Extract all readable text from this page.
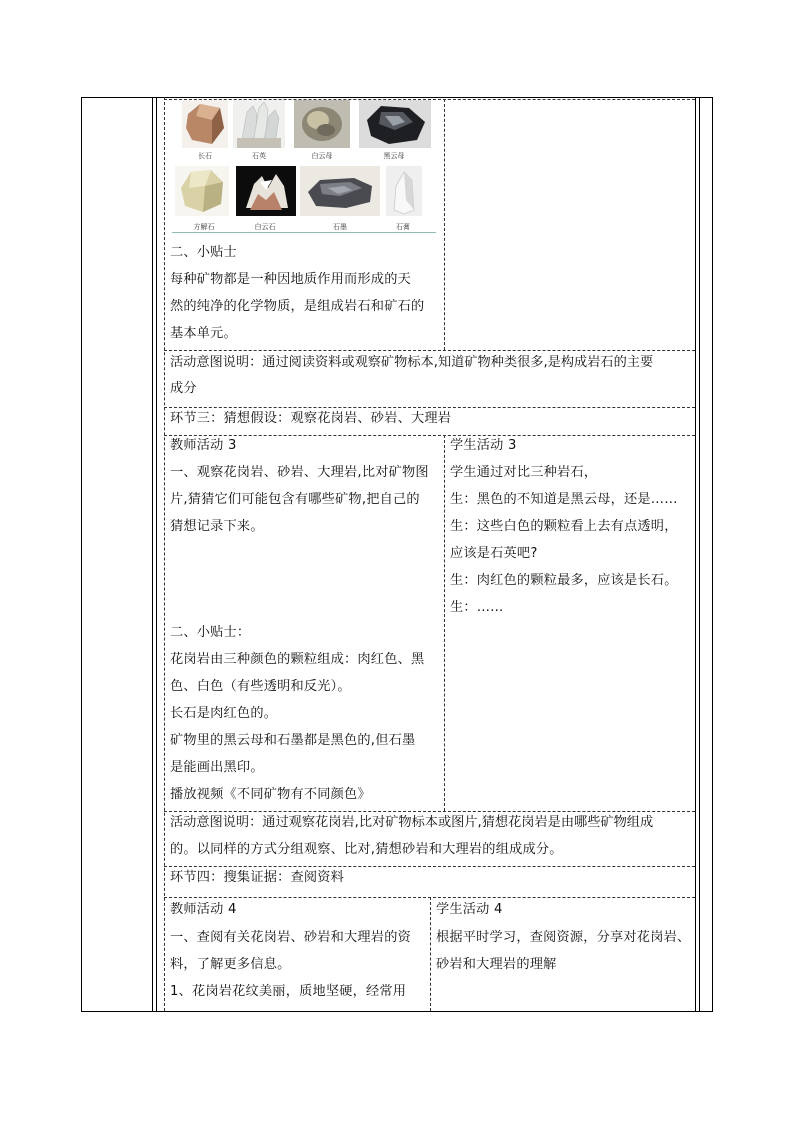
长石	石英	白云母	黑云母
方解石	白云石	石墨	石膏
二、小贴士
每种矿物都是一种因地质作用而形成的天
然的纯净的化学物质，是组成岩石和矿石的
基本单元。
活动意图说明：通过阅读资料或观察矿物标本,知道矿物种类很多,是构成岩石的主要
成分
环节三：猜想假设：观察花岗岩、砂岩、大理岩
教师活动 3
一、观察花岗岩、砂岩、大理岩,比对矿物图
片,猜猜它们可能包含有哪些矿物,把自己的
猜想记录下来。
二、小贴士：
花岗岩由三种颜色的颗粒组成：肉红色、黑
色、白色（有些透明和反光）。
长石是肉红色的。
矿物里的黑云母和石墨都是黑色的,但石墨
是能画出黑印。
播放视频《不同矿物有不同颜色》
学生活动 3
学生通过对比三种岩石，
生：黑色的不知道是黑云母，还是……
生：这些白色的颗粒看上去有点透明，
应该是石英吧?
生：肉红色的颗粒最多，应该是长石。
生：……
活动意图说明：通过观察花岗岩,比对矿物标本或图片,猜想花岗岩是由哪些矿物组成
的。以同样的方式分组观察、比对,猜想砂岩和大理岩的组成成分。
环节四：搜集证据：查阅资料
教师活动 4
一、查阅有关花岗岩、砂岩和大理岩的资
料，了解更多信息。
1、花岗岩花纹美丽，质地坚硬，经常用
学生活动 4
根据平时学习，查阅资源，分享对花岗岩、
砂岩和大理岩的理解
